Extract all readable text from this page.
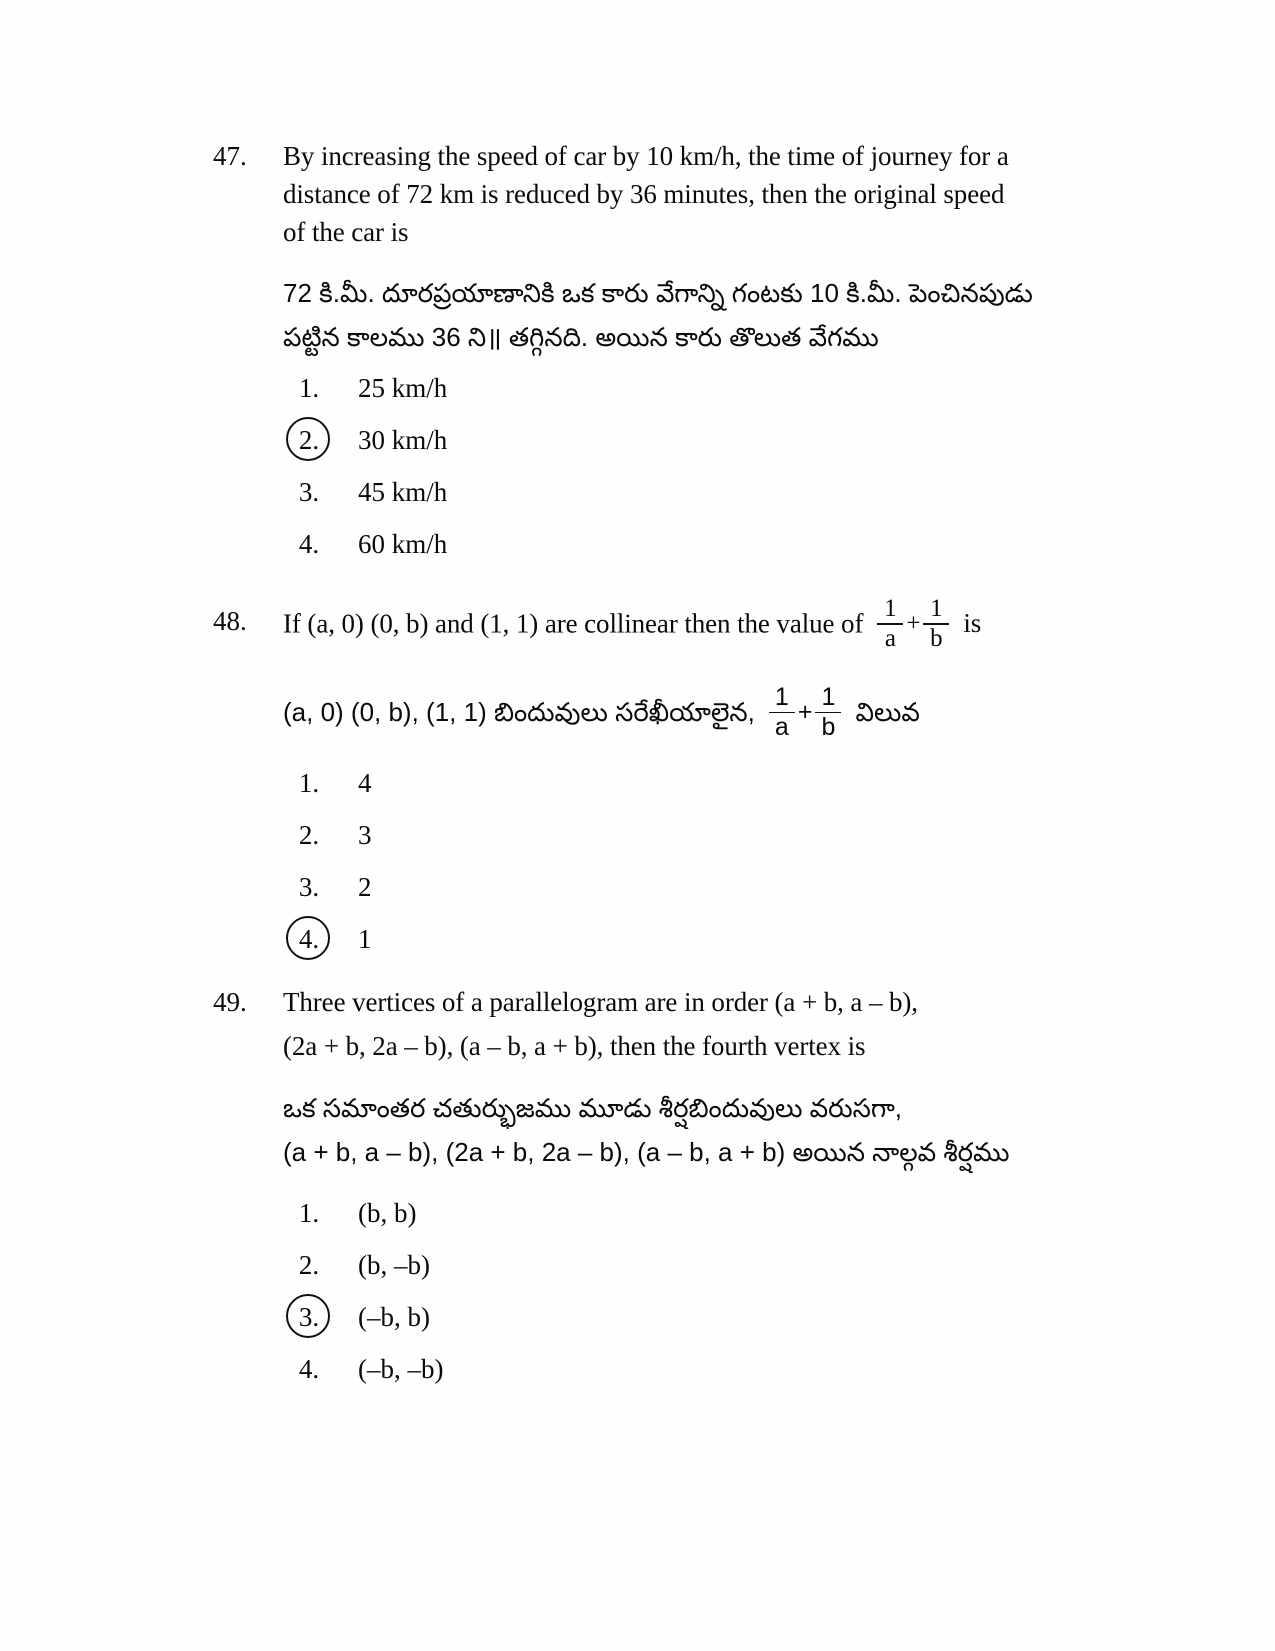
47.	By increasing the speed of car by 10 km/h, the time of journey for a
distance of 72 km is reduced by 36 minutes, then the original speed
of the car is
72 కి.మీ. దూరప్రయాణానికి ఒక కారు వేగాన్ని గంటకు 10 కి.మీ. పెంచినపుడు
పట్టిన కాలము 36 ని॥ తగ్గినది. అయిన కారు తొలుత వేగము
1.	25 km/h
2.	30 km/h
3.	45 km/h
4.	60 km/h
48.	If (a, 0) (0, b) and (1, 1) are collinear then the value of $\frac{1}{a} + \frac{1}{b}$ is
(a, 0) (0, b), (1, 1) బిందువులు సరేఖీయాలైన, $\frac{1}{a} + \frac{1}{b}$ విలువ
1.	4
2.	3
3.	2
4.	1
49.	Three vertices of a parallelogram are in order (a + b, a – b),
(2a + b, 2a – b), (a – b, a + b), then the fourth vertex is
ఒక సమాంతర చతుర్భుజము మూడు శీర్షబిందువులు వరుసగా,
(a + b, a – b), (2a + b, 2a – b), (a – b, a + b) అయిన నాల్గవ శీర్షము
1.	(b, b)
2.	(b, –b)
3.	(–b, b)
4.	(–b, –b)
